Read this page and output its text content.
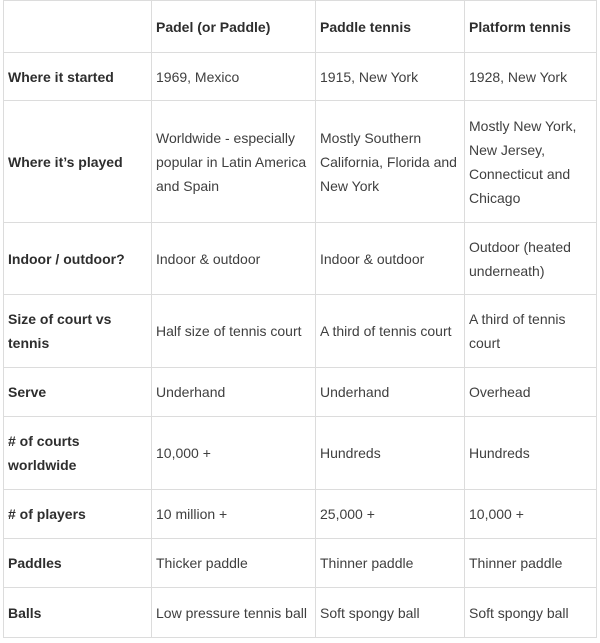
	Padel (or Paddle)	Paddle tennis	Platform tennis
Where it started	1969, Mexico	1915, New York	1928, New York
Where it’s played	Worldwide - especially popular in Latin America and Spain	Mostly Southern California, Florida and New York	Mostly New York, New Jersey, Connecticut and Chicago
Indoor / outdoor?	Indoor & outdoor	Indoor & outdoor	Outdoor (heated underneath)
Size of court vs tennis	Half size of tennis court	A third of tennis court	A third of tennis court
Serve	Underhand	Underhand	Overhead
# of courts worldwide	10,000 +	Hundreds	Hundreds
# of players	10 million +	25,000 +	10,000 +
Paddles	Thicker paddle	Thinner paddle	Thinner paddle
Balls	Low pressure tennis ball	Soft spongy ball	Soft spongy ball
